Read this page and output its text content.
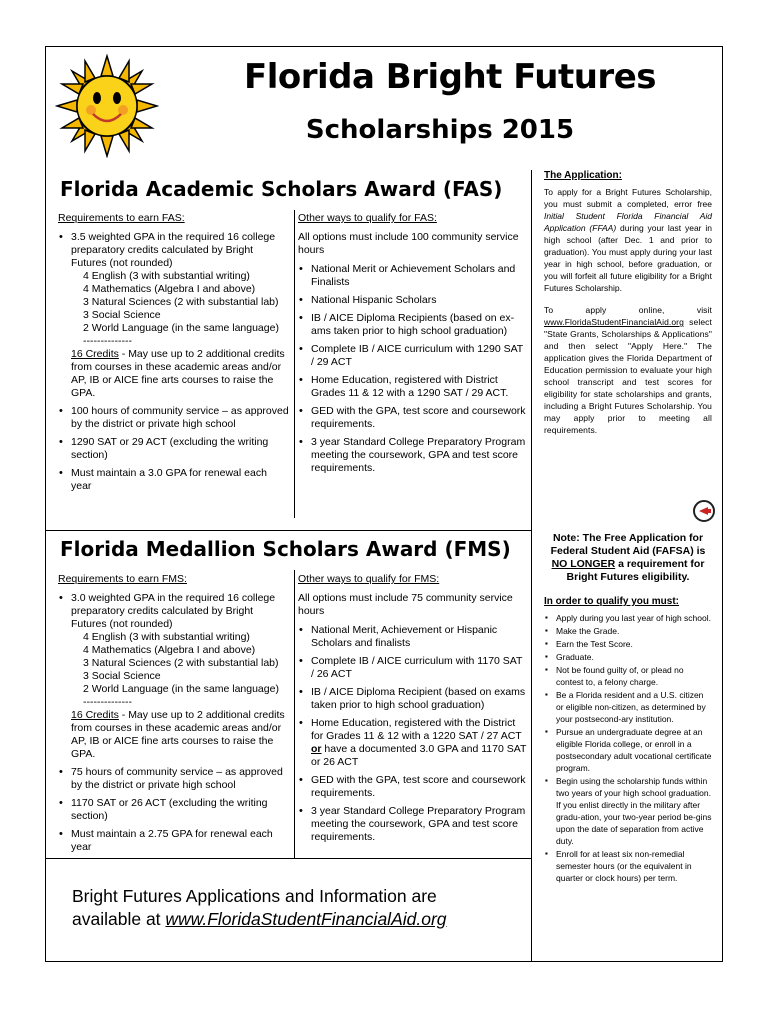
Florida Bright Futures
Scholarships 2015
Florida Academic Scholars Award (FAS)
Requirements to earn FAS:
• 3.5 weighted GPA in the required 16 college preparatory credits calculated by Bright Futures (not rounded)
4 English (3 with substantial writing)
4 Mathematics (Algebra I and above)
3 Natural Sciences (2 with substantial lab)
3 Social Science
2 World Language (in the same language)
--------------
16 Credits - May use up to 2 additional credits from courses in these academic areas and/or AP, IB or AICE fine arts courses to raise the GPA.
• 100 hours of community service – as approved by the district or private high school
• 1290 SAT or 29 ACT (excluding the writing section)
• Must maintain a 3.0 GPA for renewal each year
Other ways to qualify for FAS:
All options must include 100 community service hours
• National Merit or Achievement Scholars and Finalists
• National Hispanic Scholars
• IB / AICE Diploma Recipients (based on ex-ams taken prior to high school graduation)
• Complete IB / AICE curriculum with 1290 SAT / 29 ACT
• Home Education, registered with District Grades 11 & 12 with a 1290 SAT / 29 ACT.
• GED with the GPA, test score and coursework requirements.
• 3 year Standard College Preparatory Program meeting the coursework, GPA and test score requirements.
Florida Medallion Scholars Award (FMS)
Requirements to earn FMS:
• 3.0 weighted GPA in the required 16 college preparatory credits calculated by Bright Futures (not rounded)
4 English (3 with substantial writing)
4 Mathematics (Algebra I and above)
3 Natural Sciences (2 with substantial lab)
3 Social Science
2 World Language (in the same language)
--------------
16 Credits - May use up to 2 additional credits from courses in these academic areas and/or AP, IB or AICE fine arts courses to raise the GPA.
• 75 hours of community service – as approved by the district or private high school
• 1170 SAT or 26 ACT (excluding the writing section)
• Must maintain a 2.75 GPA for renewal each year
Other ways to qualify for FMS:
All options must include 75 community service hours
• National Merit, Achievement or Hispanic Scholars and finalists
• Complete IB / AICE curriculum with 1170 SAT / 26 ACT
• IB / AICE Diploma Recipient (based on exams taken prior to high school graduation)
• Home Education, registered with the District for Grades 11 & 12 with a 1220 SAT / 27 ACT or have a documented 3.0 GPA and 1170 SAT or 26 ACT
• GED with the GPA, test score and coursework requirements.
• 3 year Standard College Preparatory Program meeting the coursework, GPA and test score requirements.
Bright Futures Applications and Information are
available at www.FloridaStudentFinancialAid.org
The Application:

To apply for a Bright Futures Scholarship, you must submit a completed, error free Initial Student Florida Financial Aid Application (FFAA) during your last year in high school (after Dec. 1 and prior to graduation). You must apply during your last year in high school, before graduation, or you will forfeit all future eligibility for a Bright Futures Scholarship.

To apply online, visit www.FloridaStudentFinancialAid.org select "State Grants, Scholarships & Applications" and then select "Apply Here." The application gives the Florida Department of Education permission to evaluate your high school transcript and test scores for eligibility for state scholarships and grants, including a Bright Futures Scholarship. You may apply prior to meeting all requirements.

Note: The Free Application for Federal Student Aid (FAFSA) is NO LONGER a requirement for Bright Futures eligibility.
In order to qualify you must:
▪ Apply during you last year of high school.
▪ Make the Grade.
▪ Earn the Test Score.
▪ Graduate.
▪ Not be found guilty of, or plead no contest to, a felony charge.
▪ Be a Florida resident and a U.S. citizen or eligible non-citizen, as determined by your postsecond-ary institution.
▪ Pursue an undergraduate degree at an eligible Florida college, or enroll in a postsecondary adult vocational certificate program.
▪ Begin using the scholarship funds within two years of your high school graduation. If you enlist directly in the military after gradu-ation, your two-year period be-gins upon the date of separation from active duty.
▪ Enroll for at least six non-remedial semester hours (or the equivalent in quarter or clock hours) per term.
